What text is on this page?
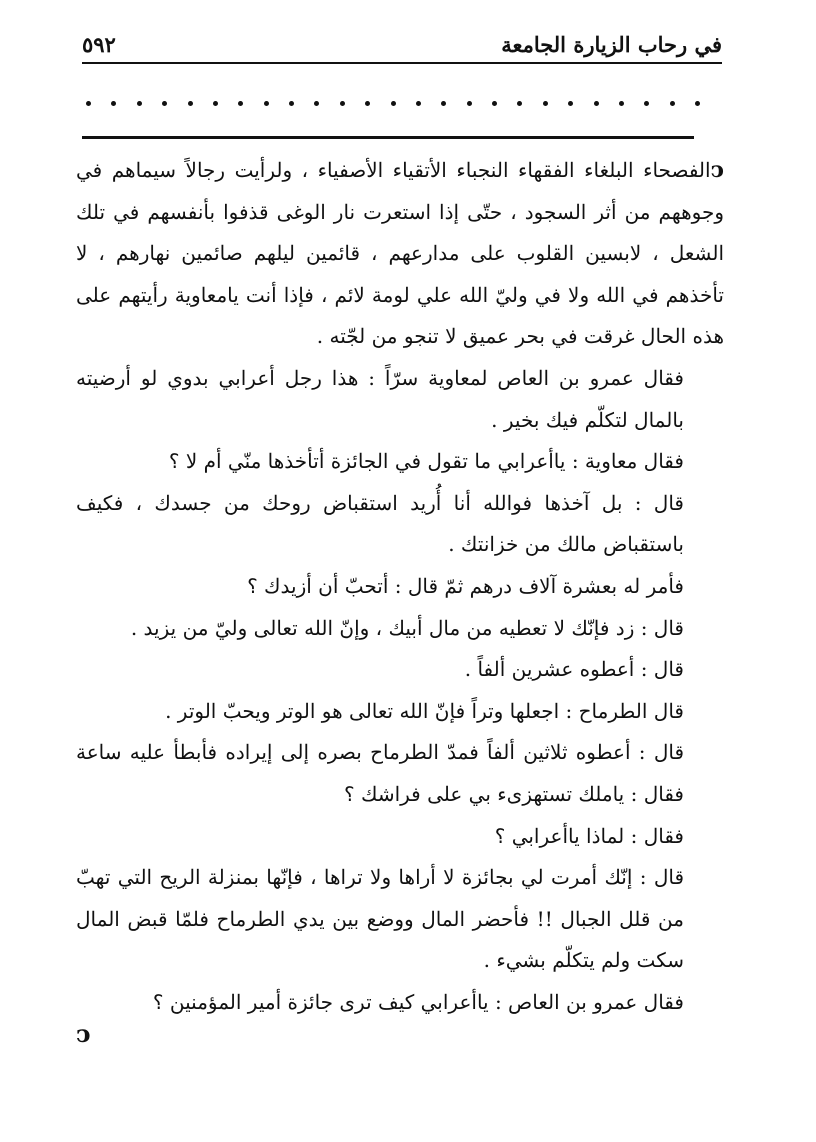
في رحاب الزيارة الجامعة
٥٩٢

ↄالفصحاء البلغاء الفقهاء النجباء الأتقياء الأصفياء ، ولرأيت رجالاً سيماهم في وجوههم من أثر السجود ، حتّى إذا استعرت نار الوغى قذفوا بأنفسهم في تلك الشعل ، لابسين القلوب على مدارعهم ، قائمين ليلهم صائمين نهارهم ، لا تأخذهم في الله ولا في وليّ الله علي لومة لائم ، فإذا أنت يامعاوية رأيتهم على هذه الحال غرقت في بحر عميق لا تنجو من لجّته .

فقال عمرو بن العاص لمعاوية سرّاً : هذا رجل أعرابي بدوي لو أرضيته بالمال لتكلّم فيك بخير .

فقال معاوية : ياأعرابي ما تقول في الجائزة أتأخذها منّي أم لا ؟

قال : بل آخذها فوالله أنا أُريد استقباض روحك من جسدك ، فكيف باستقباض مالك من خزانتك .

فأمر له بعشرة آلاف درهم ثمّ قال : أتحبّ أن أزيدك ؟

قال : زد فإنّك لا تعطيه من مال أبيك ، وإنّ الله تعالى وليّ من يزيد .

قال : أعطوه عشرين ألفاً .

قال الطرماح : اجعلها وتراً فإنّ الله تعالى هو الوتر ويحبّ الوتر .

قال : أعطوه ثلاثين ألفاً فمدّ الطرماح بصره إلى إيراده فأبطأ عليه ساعة فقال : ياملك تستهزىء بي على فراشك ؟

فقال : لماذا ياأعرابي ؟

قال : إنّك أمرت لي بجائزة لا أراها ولا تراها ، فإنّها بمنزلة الريح التي تهبّ من قلل الجبال !! فأحضر المال ووضع بين يدي الطرماح فلمّا قبض المال سكت ولم يتكلّم بشيء .

فقال عمرو بن العاص : ياأعرابي كيف ترى جائزة أمير المؤمنين ؟

ↄ
